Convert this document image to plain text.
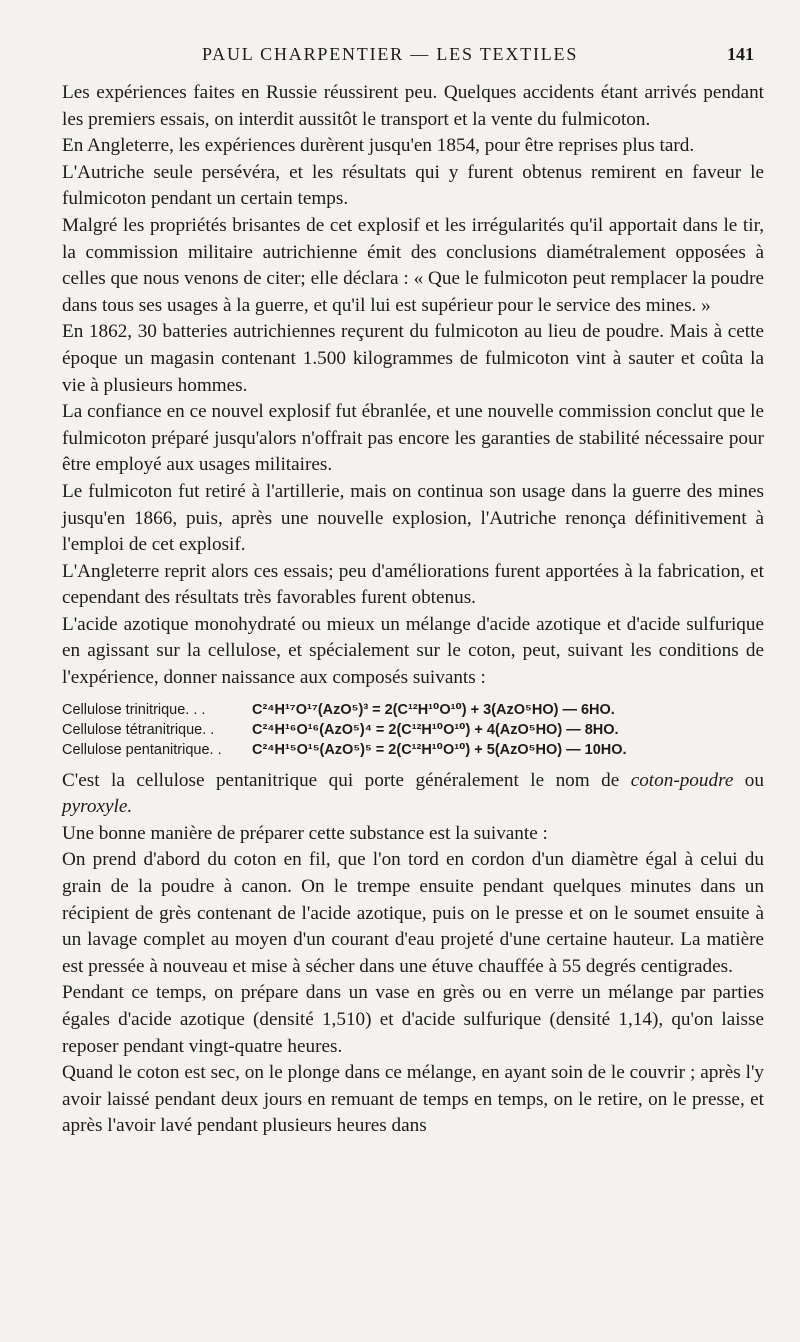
PAUL CHARPENTIER — LES TEXTILES	141

Les expériences faites en Russie réussirent peu. Quelques accidents étant arrivés pendant les premiers essais, on interdit aussitôt le transport et la vente du fulmicoton.

En Angleterre, les expériences durèrent jusqu'en 1854, pour être reprises plus tard.

L'Autriche seule persévéra, et les résultats qui y furent obtenus remirent en faveur le fulmicoton pendant un certain temps.

Malgré les propriétés brisantes de cet explosif et les irrégularités qu'il apportait dans le tir, la commission militaire autrichienne émit des conclusions diamétralement opposées à celles que nous venons de citer; elle déclara : « Que le fulmicoton peut remplacer la poudre dans tous ses usages à la guerre, et qu'il lui est supérieur pour le service des mines. »

En 1862, 30 batteries autrichiennes reçurent du fulmicoton au lieu de poudre. Mais à cette époque un magasin contenant 1.500 kilogrammes de fulmicoton vint à sauter et coûta la vie à plusieurs hommes.

La confiance en ce nouvel explosif fut ébranlée, et une nouvelle commission conclut que le fulmicoton préparé jusqu'alors n'offrait pas encore les garanties de stabilité nécessaire pour être employé aux usages militaires.

Le fulmicoton fut retiré à l'artillerie, mais on continua son usage dans la guerre des mines jusqu'en 1866, puis, après une nouvelle explosion, l'Autriche renonça définitivement à l'emploi de cet explosif.

L'Angleterre reprit alors ces essais; peu d'améliorations furent apportées à la fabrication, et cependant des résultats très favorables furent obtenus.

L'acide azotique monohydraté ou mieux un mélange d'acide azotique et d'acide sulfurique en agissant sur la cellulose, et spécialement sur le coton, peut, suivant les conditions de l'expérience, donner naissance aux composés suivants :

Cellulose trinitrique. . .	C²⁴H¹⁷O¹⁷(AzO⁵)³ = 2(C¹²H¹⁰O¹⁰) + 3(AzO⁵HO) — 6HO.
Cellulose tétranitrique. .	C²⁴H¹⁶O¹⁶(AzO⁵)⁴ = 2(C¹²H¹⁰O¹⁰) + 4(AzO⁵HO) — 8HO.
Cellulose pentanitrique. .	C²⁴H¹⁵O¹⁵(AzO⁵)⁵ = 2(C¹²H¹⁰O¹⁰) + 5(AzO⁵HO) — 10HO.

C'est la cellulose pentanitrique qui porte généralement le nom de coton-poudre ou pyroxyle.

Une bonne manière de préparer cette substance est la suivante :

On prend d'abord du coton en fil, que l'on tord en cordon d'un diamètre égal à celui du grain de la poudre à canon. On le trempe ensuite pendant quelques minutes dans un récipient de grès contenant de l'acide azotique, puis on le presse et on le soumet ensuite à un lavage complet au moyen d'un courant d'eau projeté d'une certaine hauteur. La matière est pressée à nouveau et mise à sécher dans une étuve chauffée à 55 degrés centigrades.

Pendant ce temps, on prépare dans un vase en grès ou en verre un mélange par parties égales d'acide azotique (densité 1,510) et d'acide sulfurique (densité 1,14), qu'on laisse reposer pendant vingt-quatre heures.

Quand le coton est sec, on le plonge dans ce mélange, en ayant soin de le couvrir ; après l'y avoir laissé pendant deux jours en remuant de temps en temps, on le retire, on le presse, et après l'avoir lavé pendant plusieurs heures dans
